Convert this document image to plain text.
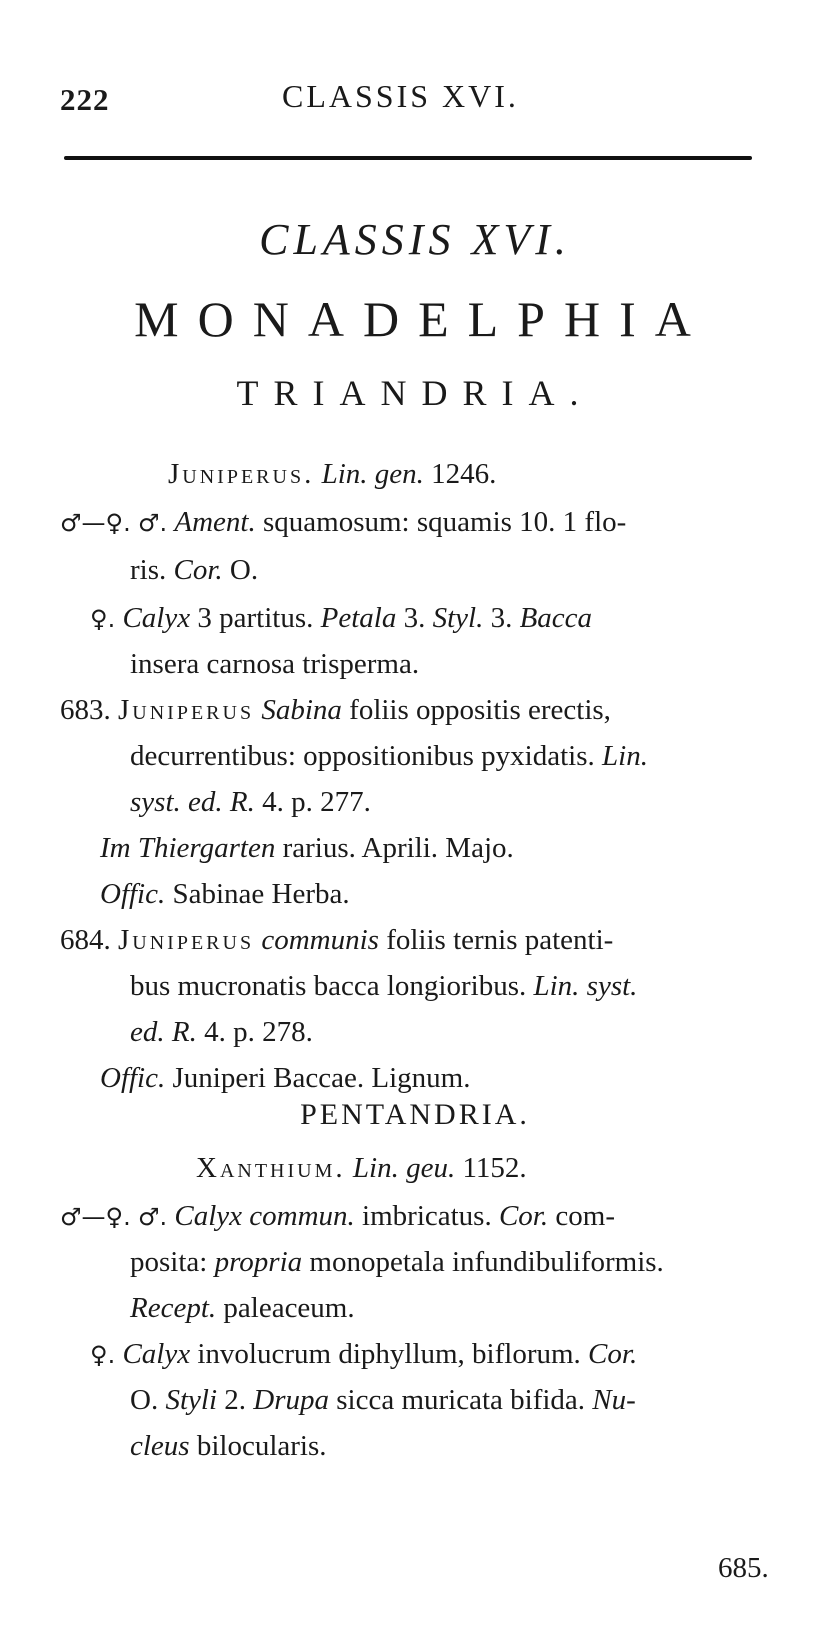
222	CLASSIS XVI.
CLASSIS XVI.
MONADELPHIA
TRIANDRIA.
Juniperus. Lin. gen. 1246.
♂—♀. ♂. Ament. squamosum: squamis 10. 1 flo-
ris. Cor. O.
♀. Calyx 3 partitus. Petala 3. Styl. 3. Bacca
insera carnosa trisperma.
683. Juniperus Sabina foliis oppositis erectis,
decurrentibus: oppositionibus pyxidatis. Lin.
syst. ed. R. 4. p. 277.
Im Thiergarten rarius. Aprili. Majo.
Offic. Sabinae Herba.
684. Juniperus communis foliis ternis patenti-
bus mucronatis bacca longioribus. Lin. syst.
ed. R. 4. p. 278.
Offic. Juniperi Baccae. Lignum.
PENTANDRIA.
Xanthium. Lin. geu. 1152.
♂—♀. ♂. Calyx commun. imbricatus. Cor. com-
posita: propria monopetala infundibuliformis.
Recept. paleaceum.
♀. Calyx involucrum diphyllum, biflorum. Cor.
O. Styli 2. Drupa sicca muricata bifida. Nu-
cleus bilocularis.
685.
